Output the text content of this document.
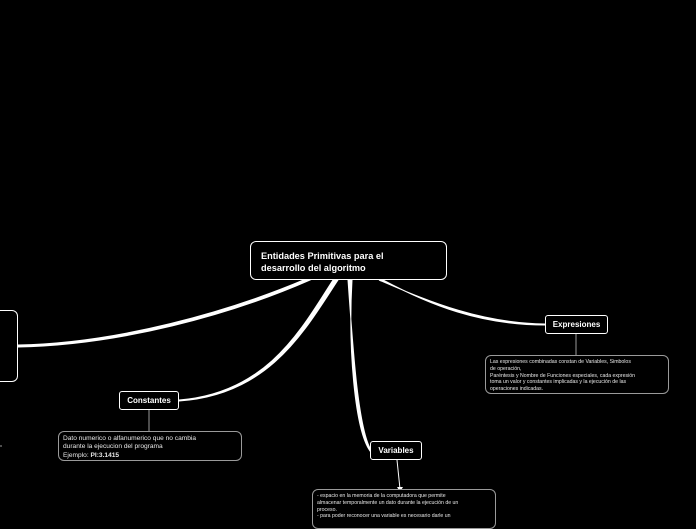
Entidades Primitivas para el
desarrollo del algoritmo
Constantes
Variables
Expresiones
Dato numerico o alfanumerico que no cambia
durante la ejecucion del programa
Ejemplo: PI:3.1415
Las expresiones combinadas constan de Variables, Simbolos
de operación,
Paréntesis y Nombre de Funciones especiales, cada expresión
toma un valor y constantes implicadas y la ejecución de las
operaciones indicadas.
- espacio en la memoria de la computadora que permite
almacenar temporalmente un dato durante la ejecución de un
proceso.
- para poder reconocer una variable es necesario darle un
